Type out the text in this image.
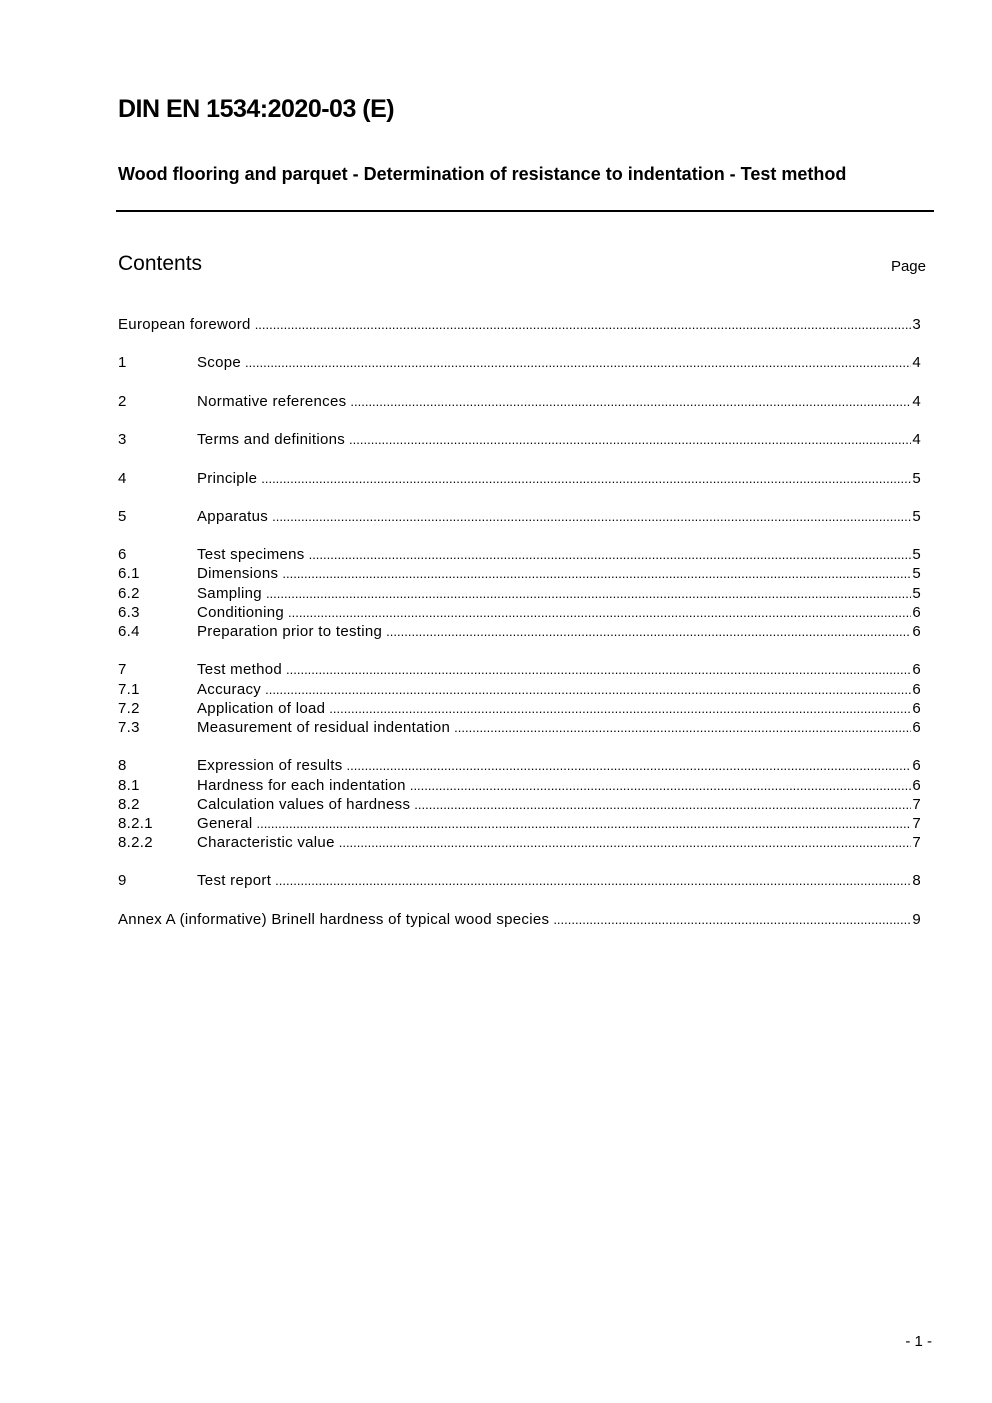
DIN EN 1534:2020-03 (E)
Wood flooring and parquet - Determination of resistance to indentation - Test method
Contents	Page
European foreword .....	3
1	Scope .....	4
2	Normative references .....	4
3	Terms and definitions .....	4
4	Principle .....	5
5	Apparatus .....	5
6	Test specimens .....	5
6.1	Dimensions .....	5
6.2	Sampling .....	5
6.3	Conditioning .....	6
6.4	Preparation prior to testing .....	6
7	Test method .....	6
7.1	Accuracy .....	6
7.2	Application of load .....	6
7.3	Measurement of residual indentation .....	6
8	Expression of results .....	6
8.1	Hardness for each indentation .....	6
8.2	Calculation values of hardness .....	7
8.2.1	General .....	7
8.2.2	Characteristic value .....	7
9	Test report .....	8
Annex A (informative) Brinell hardness of typical wood species .....	9
- 1 -
